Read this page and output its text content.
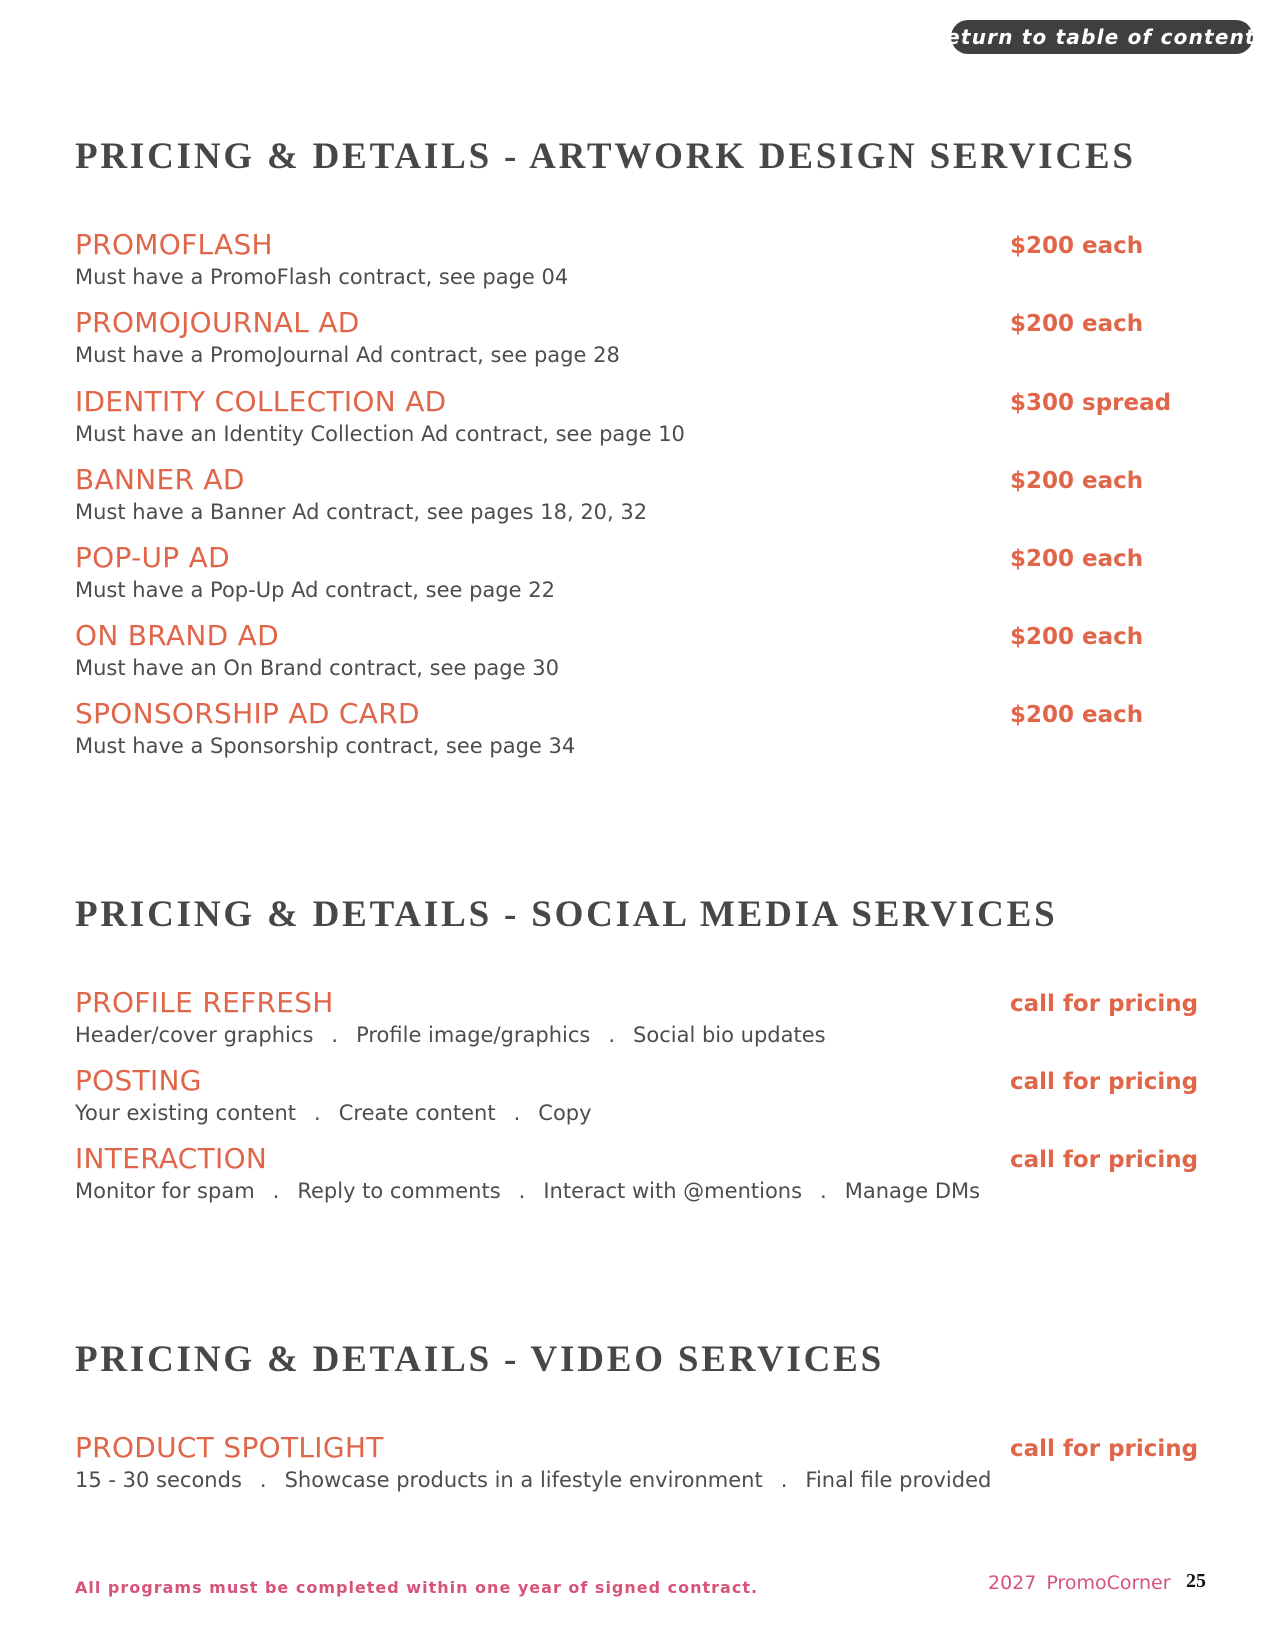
return to table of contents
PRICING & DETAILS - ARTWORK DESIGN SERVICES
PROMOFLASH	$200 each
Must have a PromoFlash contract, see page 04
PROMOJOURNAL AD	$200 each
Must have a PromoJournal Ad contract, see page 28
IDENTITY COLLECTION AD	$300 spread
Must have an Identity Collection Ad contract, see page 10
BANNER AD	$200 each
Must have a Banner Ad contract, see pages 18, 20, 32
POP-UP AD	$200 each
Must have a Pop-Up Ad contract, see page 22
ON BRAND AD	$200 each
Must have an On Brand contract, see page 30
SPONSORSHIP AD CARD	$200 each
Must have a Sponsorship contract, see page 34
PRICING & DETAILS - SOCIAL MEDIA SERVICES
PROFILE REFRESH	call for pricing
Header/cover graphics . Profile image/graphics . Social bio updates
POSTING	call for pricing
Your existing content . Create content . Copy
INTERACTION	call for pricing
Monitor for spam . Reply to comments . Interact with @mentions . Manage DMs
PRICING & DETAILS - VIDEO SERVICES
PRODUCT SPOTLIGHT	call for pricing
15 - 30 seconds . Showcase products in a lifestyle environment . Final file provided
All programs must be completed within one year of signed contract.	2027 PromoCorner 25
